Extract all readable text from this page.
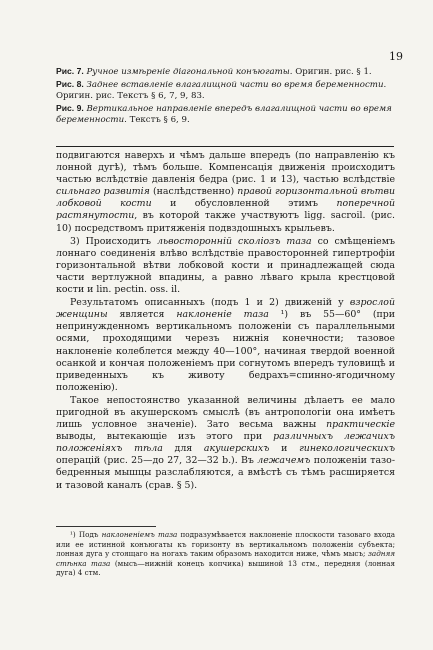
19

Рис. 7. Ручное измѣреніе діагональной конъюгаты. Оригин. рис. § 1.

Рис. 8. Заднее вставленіе влагалищной части во время беременности. Оригин. рис. Текстъ § 6, 7, 9, 83.

Рис. 9. Вертикальное направленіе впередъ влагалищной части во время беременности. Текстъ § 6, 9.

подвигаются наверхъ и чѣмъ дальше впередъ (по направленію къ лонной дугѣ), тѣмъ больше. Компенсація движенія происходитъ частью вслѣдствіе давленія бедра (рис. 1 и 13), частью вслѣдствіе сильнаго развитія (наслѣдственно) правой горизонтальной вѣтви лобковой кости и обусловленной этимъ поперечной растянутости, въ которой также участвуютъ ligg. sacroil. (рис. 10) посредствомъ притяженія подвздошныхъ крыльевъ.

3) Происходитъ львосторонній сколіозъ таза со смѣщеніемъ лоннаго соединенія влѣво вслѣдствіе правосторонней гипертрофіи горизонтальной вѣтви лобковой кости и принадлежащей сюда части вертлужной впадины, а равно лѣваго крыла крестцовой кости и lin. pectin. oss. il.

Результатомъ описанныхъ (подъ 1 и 2) движеній у взрослой женщины является наклоненіе таза ¹) въ 55—60° (при непринужденномъ вертикальномъ положеніи съ параллельными осями, проходящими черезъ нижнія конечности; тазовое наклоненіе колеблется между 40—100°, начиная твердой военной осанкой и кончая положеніемъ при согнутомъ впередъ туловищѣ и приведенныхъ къ животу бедрахъ=спинно-ягодичному положенію).

Такое непостоянство указанной величины дѣлаетъ ее мало пригодной въ акушерскомъ смыслѣ (въ антропологіи она имѣетъ лишь условное значеніе). Зато весьма важны практическіе выводы, вытекающіе изъ этого при различныхъ лежачихъ положеніяхъ тѣла для акушерскихъ и гинекологическихъ операцій (рис. 25—до 27, 32—32 b.). Въ лежачемъ положеніи тазо-бедренныя мышцы разслабляются, а вмѣстѣ съ тѣмъ расширяется и тазовой каналъ (срав. § 5).

¹) Подъ наклоненіемъ таза подразумѣвается наклоненіе плоскости тазоваго входа или ее истинной конъюгаты къ горизонту въ вертикальномъ положеніи субъекта; лонная дуга у стоящаго на ногахъ таким образомъ находится ниже, чѣмъ мысъ; задняя стѣнка таза (мысъ—нижній конецъ копчика) вышиной 13 стм., передняя (лонная дуга) 4 стм.
